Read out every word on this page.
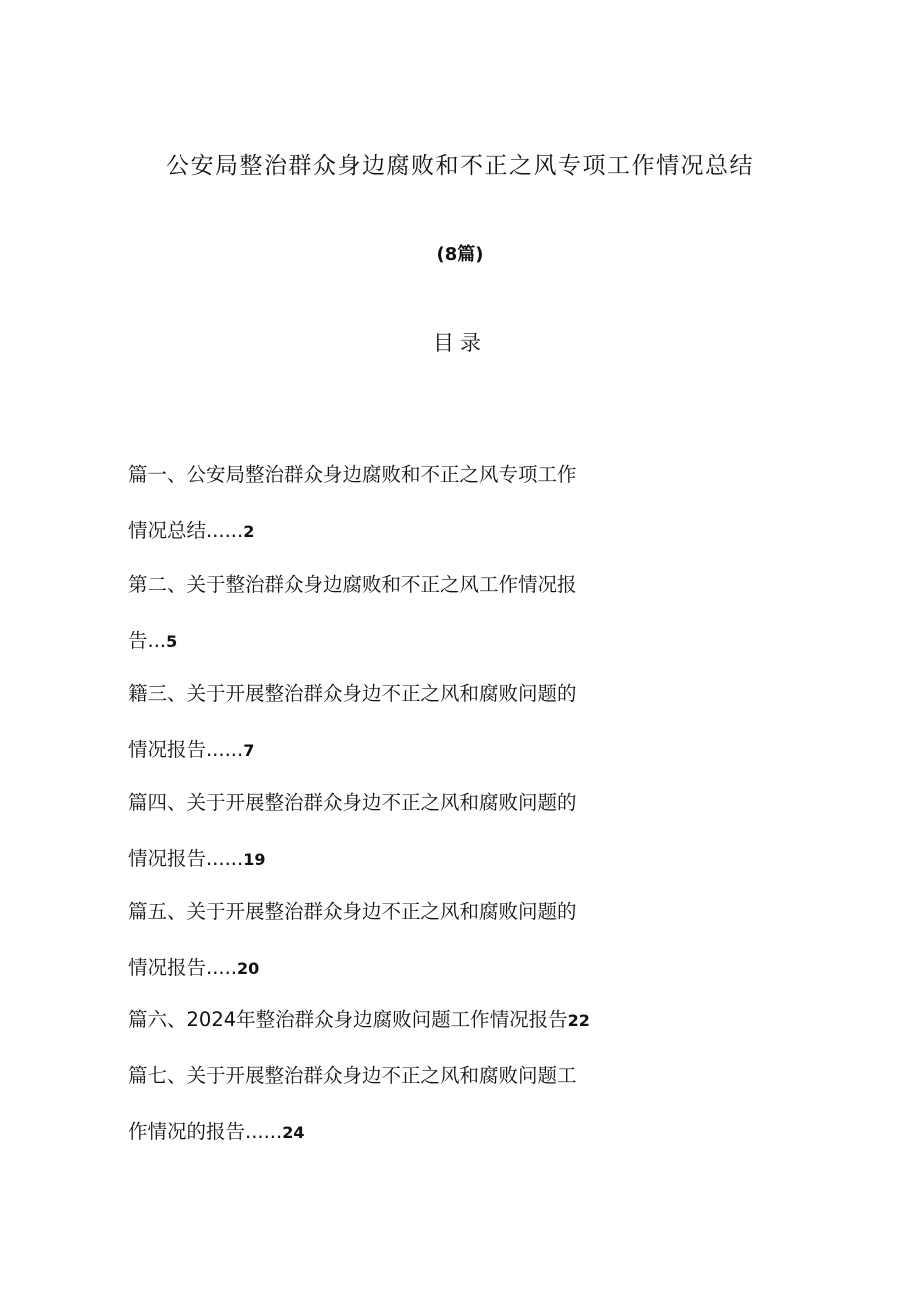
公安局整治群众身边腐败和不正之风专项工作情况总结
(8篇)
目录
篇一、公安局整治群众身边腐败和不正之风专项工作
情况总结......2
第二、关于整治群众身边腐败和不正之风工作情况报
告...5
籍三、关于开展整治群众身边不正之风和腐败问题的
情况报告......7
篇四、关于开展整治群众身边不正之风和腐败问题的
情况报告......19
篇五、关于开展整治群众身边不正之风和腐败问题的
情况报告.....20
篇六、2024年整治群众身边腐败问题工作情况报告22
篇七、关于开展整治群众身边不正之风和腐败问题工
作情况的报告......24
